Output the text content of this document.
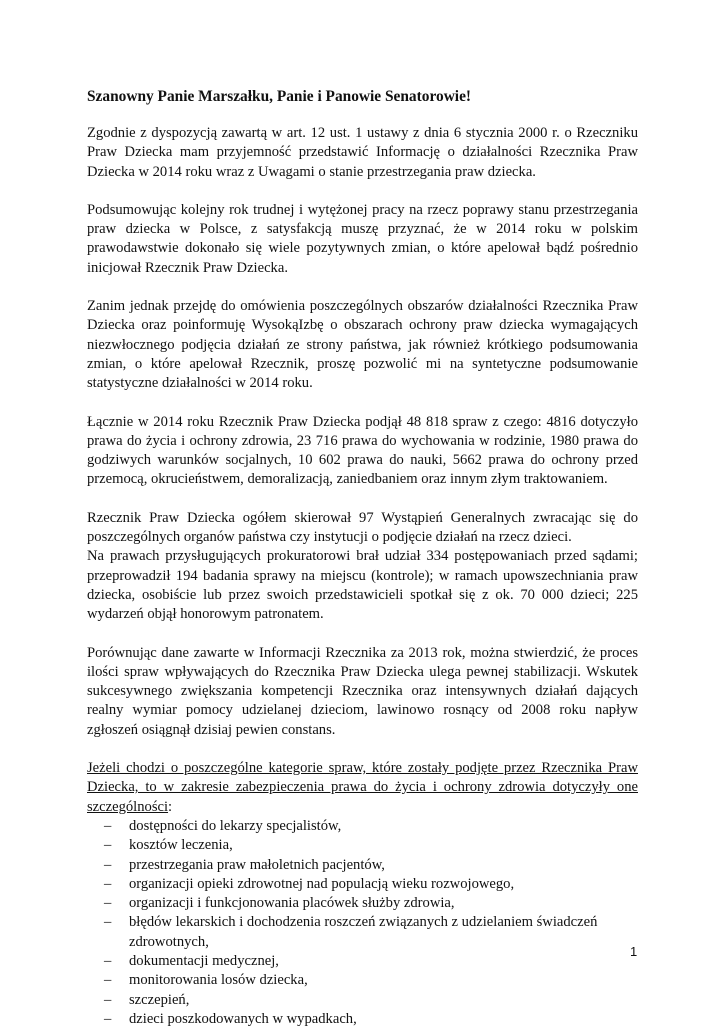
Szanowny Panie Marszałku, Panie i Panowie Senatorowie!

Zgodnie z dyspozycją zawartą w art. 12 ust. 1 ustawy z dnia 6 stycznia 2000 r. o Rzeczniku Praw Dziecka mam przyjemność przedstawić Informację o działalności Rzecznika Praw Dziecka w 2014 roku wraz z Uwagami o stanie przestrzegania praw dziecka.

Podsumowując kolejny rok trudnej i wytężonej pracy na rzecz poprawy stanu przestrzegania praw dziecka w Polsce, z satysfakcją muszę przyznać, że w 2014 roku w polskim prawodawstwie dokonało się wiele pozytywnych zmian, o które apelował bądź pośrednio inicjował Rzecznik Praw Dziecka.

Zanim jednak przejdę do omówienia poszczególnych obszarów działalności Rzecznika Praw Dziecka oraz poinformuję WysokąIzbę o obszarach ochrony praw dziecka wymagających niezwłocznego podjęcia działań ze strony państwa, jak również krótkiego podsumowania zmian, o które apelował Rzecznik, proszę pozwolić mi na syntetyczne podsumowanie statystyczne działalności w 2014 roku.

Łącznie w 2014 roku Rzecznik Praw Dziecka podjął 48 818 spraw z czego: 4816 dotyczyło prawa do życia i ochrony zdrowia, 23 716 prawa do wychowania w rodzinie, 1980 prawa do godziwych warunków socjalnych, 10 602 prawa do nauki, 5662 prawa do ochrony przed przemocą, okrucieństwem, demoralizacją, zaniedbaniem oraz innym złym traktowaniem.

Rzecznik Praw Dziecka ogółem skierował 97 Wystąpień Generalnych zwracając się do poszczególnych organów państwa czy instytucji o podjęcie działań na rzecz dzieci.

Na prawach przysługujących prokuratorowi brał udział 334 postępowaniach przed sądami; przeprowadził 194 badania sprawy na miejscu (kontrole); w ramach upowszechniania praw dziecka, osobiście lub przez swoich przedstawicieli spotkał się z ok. 70 000 dzieci; 225 wydarzeń objął honorowym patronatem.

Porównując dane zawarte w Informacji Rzecznika za 2013 rok, można stwierdzić, że proces ilości spraw wpływających do Rzecznika Praw Dziecka ulega pewnej stabilizacji. Wskutek sukcesywnego zwiększania kompetencji Rzecznika oraz intensywnych działań dających realny wymiar pomocy udzielanej dzieciom, lawinowo rosnący od 2008 roku napływ zgłoszeń osiągnął dzisiaj pewien constans.

Jeżeli chodzi o poszczególne kategorie spraw, które zostały podjęte przez Rzecznika Praw Dziecka, to w zakresie zabezpieczenia prawa do życia i ochrony zdrowia dotyczyły one szczególności:

– dostępności do lekarzy specjalistów,
– kosztów leczenia,
– przestrzegania praw małoletnich pacjentów,
– organizacji opieki zdrowotnej nad populacją wieku rozwojowego,
– organizacji i funkcjonowania placówek służby zdrowia,
– błędów lekarskich i dochodzenia roszczeń związanych z udzielaniem świadczeń zdrowotnych,
– dokumentacji medycznej,
– monitorowania losów dziecka,
– szczepień,
– dzieci poszkodowanych w wypadkach,
1
